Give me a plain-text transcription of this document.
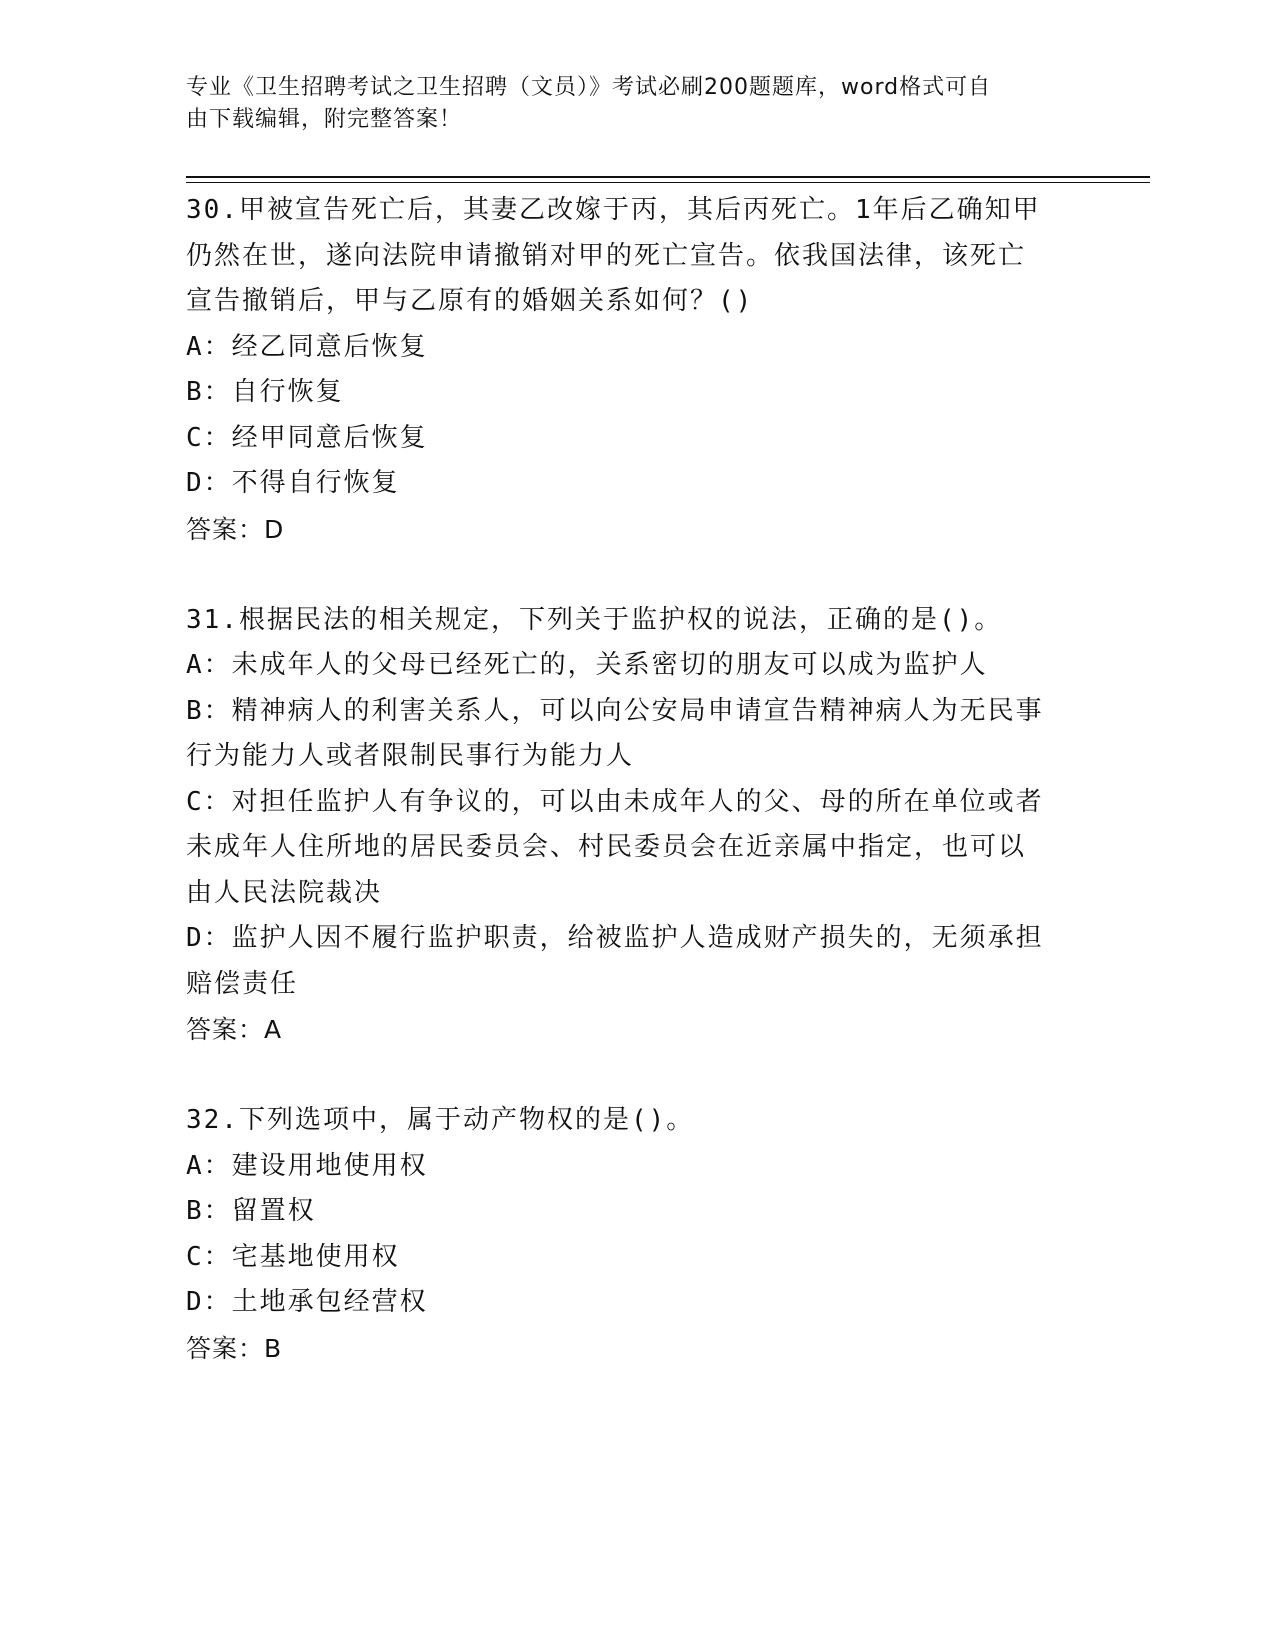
专业《卫生招聘考试之卫生招聘（文员）》考试必刷200题题库，word格式可自
由下载编辑，附完整答案！
30.甲被宣告死亡后，其妻乙改嫁于丙，其后丙死亡。1年后乙确知甲
仍然在世，遂向法院申请撤销对甲的死亡宣告。依我国法律，该死亡
宣告撤销后，甲与乙原有的婚姻关系如何？()
A：经乙同意后恢复
B：自行恢复
C：经甲同意后恢复
D：不得自行恢复
答案：D
31.根据民法的相关规定，下列关于监护权的说法，正确的是()。
A：未成年人的父母已经死亡的，关系密切的朋友可以成为监护人
B：精神病人的利害关系人，可以向公安局申请宣告精神病人为无民事
行为能力人或者限制民事行为能力人
C：对担任监护人有争议的，可以由未成年人的父、母的所在单位或者
未成年人住所地的居民委员会、村民委员会在近亲属中指定，也可以
由人民法院裁决
D：监护人因不履行监护职责，给被监护人造成财产损失的，无须承担
赔偿责任
答案：A
32.下列选项中，属于动产物权的是()。
A：建设用地使用权
B：留置权
C：宅基地使用权
D：土地承包经营权
答案：B
